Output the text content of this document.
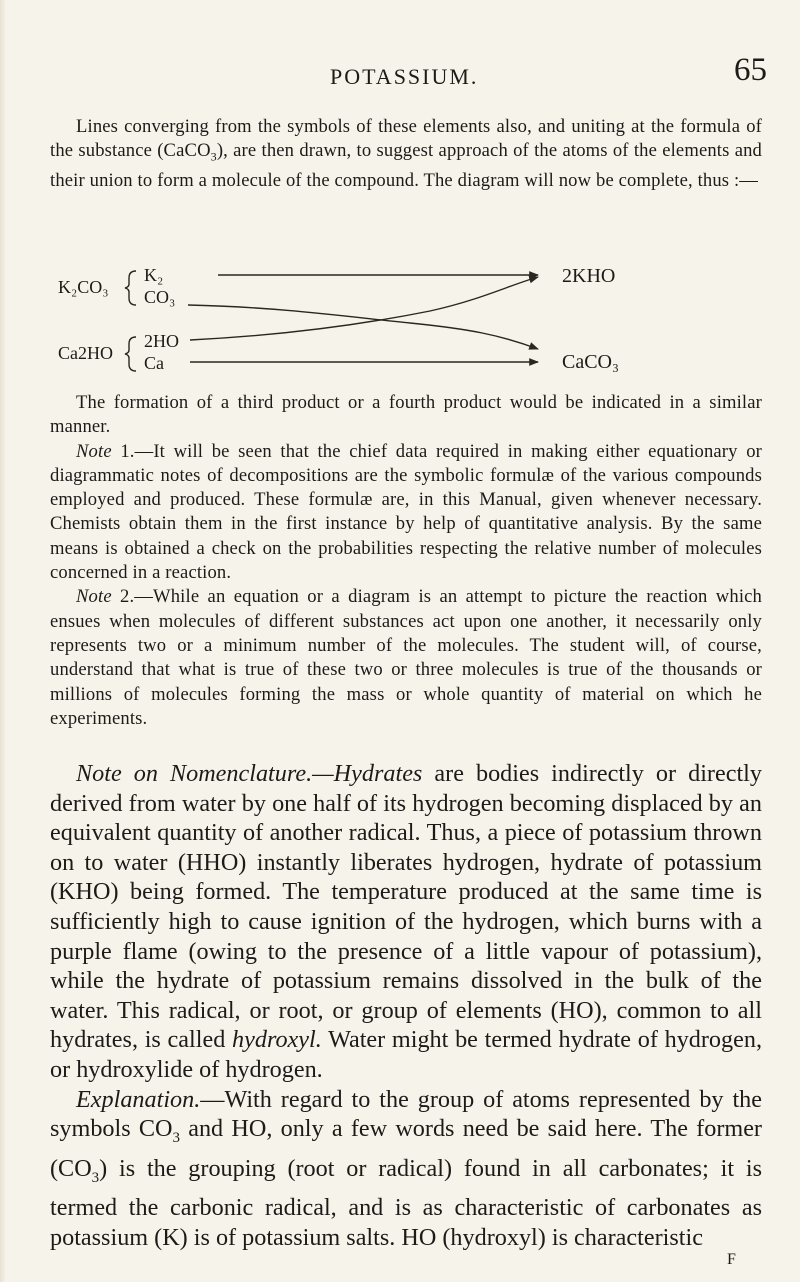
POTASSIUM.	65

Lines converging from the symbols of these elements also, and uniting at the formula of the substance (CaCO$_3$), are then drawn, to suggest approach of the atoms of the elements and their union to form a molecule of the compound. The diagram will now be complete, thus :—

K₂CO₃
K₂
CO₃
Ca2HO
2HO
Ca
2KHO
CaCO₃

The formation of a third product or a fourth product would be indicated in a similar manner.

Note 1.—It will be seen that the chief data required in making either equationary or diagrammatic notes of decompositions are the symbolic formulæ of the various compounds employed and produced. These formulæ are, in this Manual, given whenever necessary. Chemists obtain them in the first instance by help of quantitative analysis. By the same means is obtained a check on the probabilities respecting the relative number of molecules concerned in a reaction.

Note 2.—While an equation or a diagram is an attempt to picture the reaction which ensues when molecules of different substances act upon one another, it necessarily only represents two or a minimum number of the molecules. The student will, of course, understand that what is true of these two or three molecules is true of the thousands or millions of molecules forming the mass or whole quantity of material on which he experiments.

Note on Nomenclature.—Hydrates are bodies indirectly or directly derived from water by one half of its hydrogen becoming displaced by an equivalent quantity of another radical. Thus, a piece of potassium thrown on to water (HHO) instantly liberates hydrogen, hydrate of potassium (KHO) being formed. The temperature produced at the same time is sufficiently high to cause ignition of the hydrogen, which burns with a purple flame (owing to the presence of a little vapour of potassium), while the hydrate of potassium remains dissolved in the bulk of the water. This radical, or root, or group of elements (HO), common to all hydrates, is called hydroxyl. Water might be termed hydrate of hydrogen, or hydroxylide of hydrogen.

Explanation.—With regard to the group of atoms represented by the symbols $CO_3$ and HO, only a few words need be said here. The former $(CO_3)$ is the grouping (root or radical) found in all carbonates; it is termed the carbonic radical, and is as characteristic of carbonates as potassium (K) is of potassium salts. HO (hydroxyl) is characteristic

F
